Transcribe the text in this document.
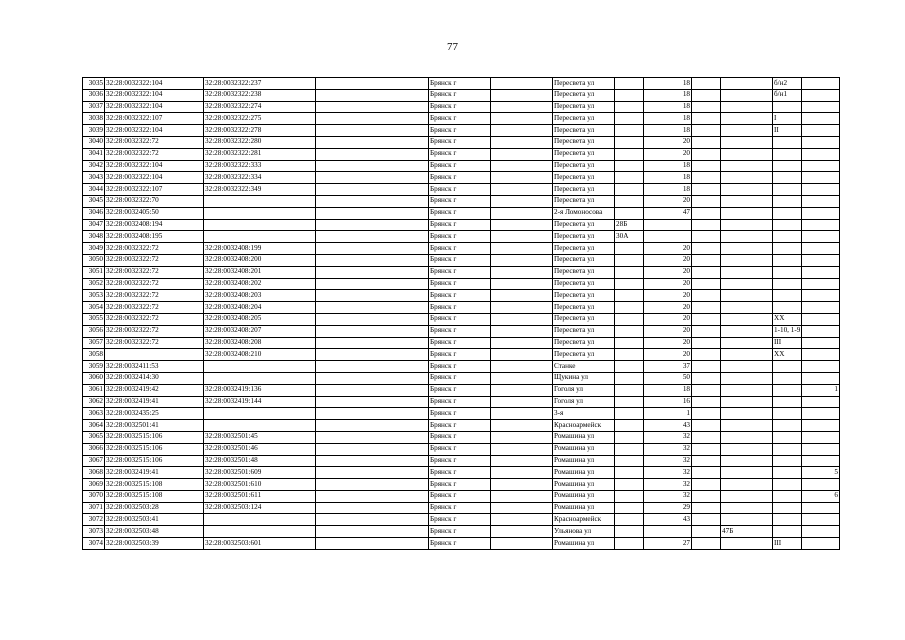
77
3035	32:28:0032322:104	32:28:0032322:237		Брянск г		Пересвета ул		18			б/н2	
3036	32:28:0032322:104	32:28:0032322:238		Брянск г		Пересвета ул		18			б/н1	
3037	32:28:0032322:104	32:28:0032322:274		Брянск г		Пересвета ул		18				
3038	32:28:0032322:107	32:28:0032322:275		Брянск г		Пересвета ул		18			I	
3039	32:28:0032322:104	32:28:0032322:278		Брянск г		Пересвета ул		18			II	
3040	32:28:0032322:72	32:28:0032322:280		Брянск г		Пересвета ул		20				
3041	32:28:0032322:72	32:28:0032322:281		Брянск г		Пересвета ул		20				
3042	32:28:0032322:104	32:28:0032322:333		Брянск г		Пересвета ул		18				
3043	32:28:0032322:104	32:28:0032322:334		Брянск г		Пересвета ул		18				
3044	32:28:0032322:107	32:28:0032322:349		Брянск г		Пересвета ул		18				
3045	32:28:0032322:70			Брянск г		Пересвета ул		20				
3046	32:28:0032405:50			Брянск г		2-я Ломоносова		47				
3047	32:28:0032408:194			Брянск г		Пересвета ул	28Б					
3048	32:28:0032408:195			Брянск г		Пересвета ул	30А					
3049	32:28:0032322:72	32:28:0032408:199		Брянск г		Пересвета ул		20				
3050	32:28:0032322:72	32:28:0032408:200		Брянск г		Пересвета ул		20				
3051	32:28:0032322:72	32:28:0032408:201		Брянск г		Пересвета ул		20				
3052	32:28:0032322:72	32:28:0032408:202		Брянск г		Пересвета ул		20				
3053	32:28:0032322:72	32:28:0032408:203		Брянск г		Пересвета ул		20				
3054	32:28:0032322:72	32:28:0032408:204		Брянск г		Пересвета ул		20				
3055	32:28:0032322:72	32:28:0032408:205		Брянск г		Пересвета ул		20			XX	
3056	32:28:0032322:72	32:28:0032408:207		Брянск г		Пересвета ул		20			1-10, 1-9	
3057	32:28:0032322:72	32:28:0032408:208		Брянск г		Пересвета ул		20			III	
3058		32:28:0032408:210		Брянск г		Пересвета ул		20			XX	
3059	32:28:0032411:53			Брянск г		Станке		37				
3060	32:28:0032414:30			Брянск г		Щукина ул		50				
3061	32:28:0032419:42	32:28:0032419:136		Брянск г		Гоголя ул		18				1
3062	32:28:0032419:41	32:28:0032419:144		Брянск г		Гоголя ул		16				
3063	32:28:0032435:25			Брянск г		3-я		1				
3064	32:28:0032501:41			Брянск г		Красноармейск		43				
3065	32:28:0032515:106	32:28:0032501:45		Брянск г		Ромашина ул		32				
3066	32:28:0032515:106	32:28:0032501:46		Брянск г		Ромашина ул		32				
3067	32:28:0032515:106	32:28:0032501:48		Брянск г		Ромашина ул		32				
3068	32:28:0032419:41	32:28:0032501:609		Брянск г		Ромашина ул		32				5
3069	32:28:0032515:108	32:28:0032501:610		Брянск г		Ромашина ул		32				
3070	32:28:0032515:108	32:28:0032501:611		Брянск г		Ромашина ул		32				6
3071	32:28:0032503:28	32:28:0032503:124		Брянск г		Ромашина ул		29				
3072	32:28:0032503:41			Брянск г		Красноармейск		43				
3073	32:28:0032503:48			Брянск г		Ульянова ул				47Б		
3074	32:28:0032503:39	32:28:0032503:601		Брянск г		Ромашина ул		27			III	
